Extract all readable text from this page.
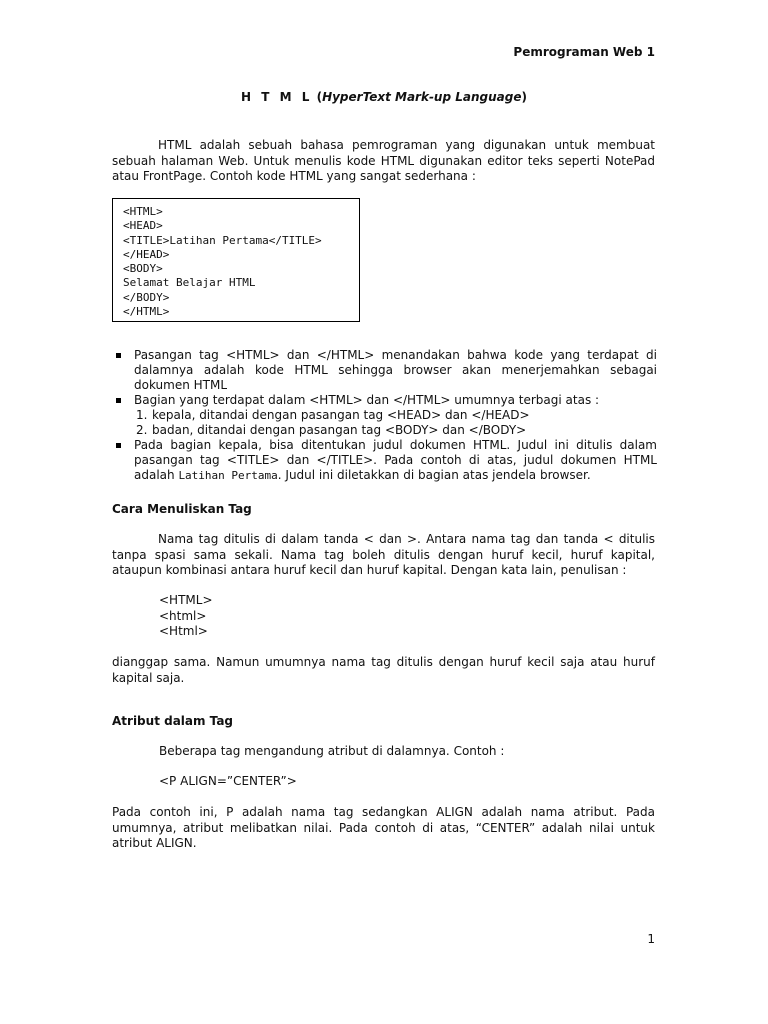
Pemrograman Web 1
H T M L (HyperText Mark-up Language)
HTML adalah sebuah bahasa pemrograman yang digunakan untuk membuat sebuah halaman Web. Untuk menulis kode HTML digunakan editor teks seperti NotePad atau FrontPage. Contoh kode HTML yang sangat sederhana :
<HTML>
<HEAD>
<TITLE>Latihan Pertama</TITLE>
</HEAD>
<BODY>
Selamat Belajar HTML
</BODY>
</HTML>
Pasangan tag <HTML> dan </HTML> menandakan bahwa kode yang terdapat di dalamnya adalah kode HTML sehingga browser akan menerjemahkan sebagai dokumen HTML
Bagian yang terdapat dalam <HTML> dan </HTML> umumnya terbagi atas :
1. kepala, ditandai dengan pasangan tag <HEAD> dan </HEAD>
2. badan, ditandai dengan pasangan tag <BODY> dan </BODY>
Pada bagian kepala, bisa ditentukan judul dokumen HTML. Judul ini ditulis dalam pasangan tag <TITLE> dan </TITLE>. Pada contoh di atas, judul dokumen HTML adalah Latihan Pertama. Judul ini diletakkan di bagian atas jendela browser.
Cara Menuliskan Tag
Nama tag ditulis di dalam tanda < dan >. Antara nama tag dan tanda < ditulis tanpa spasi sama sekali. Nama tag boleh ditulis dengan huruf kecil, huruf kapital, ataupun kombinasi antara huruf kecil dan huruf kapital. Dengan kata lain, penulisan :
<HTML>
<html>
<Html>
dianggap sama. Namun umumnya nama tag ditulis dengan huruf kecil saja atau huruf kapital saja.
Atribut dalam Tag
Beberapa tag mengandung atribut di dalamnya. Contoh :
<P ALIGN=”CENTER”>
Pada contoh ini, P adalah nama tag sedangkan ALIGN adalah nama atribut. Pada umumnya, atribut melibatkan nilai. Pada contoh di atas, “CENTER” adalah nilai untuk atribut ALIGN.
1
